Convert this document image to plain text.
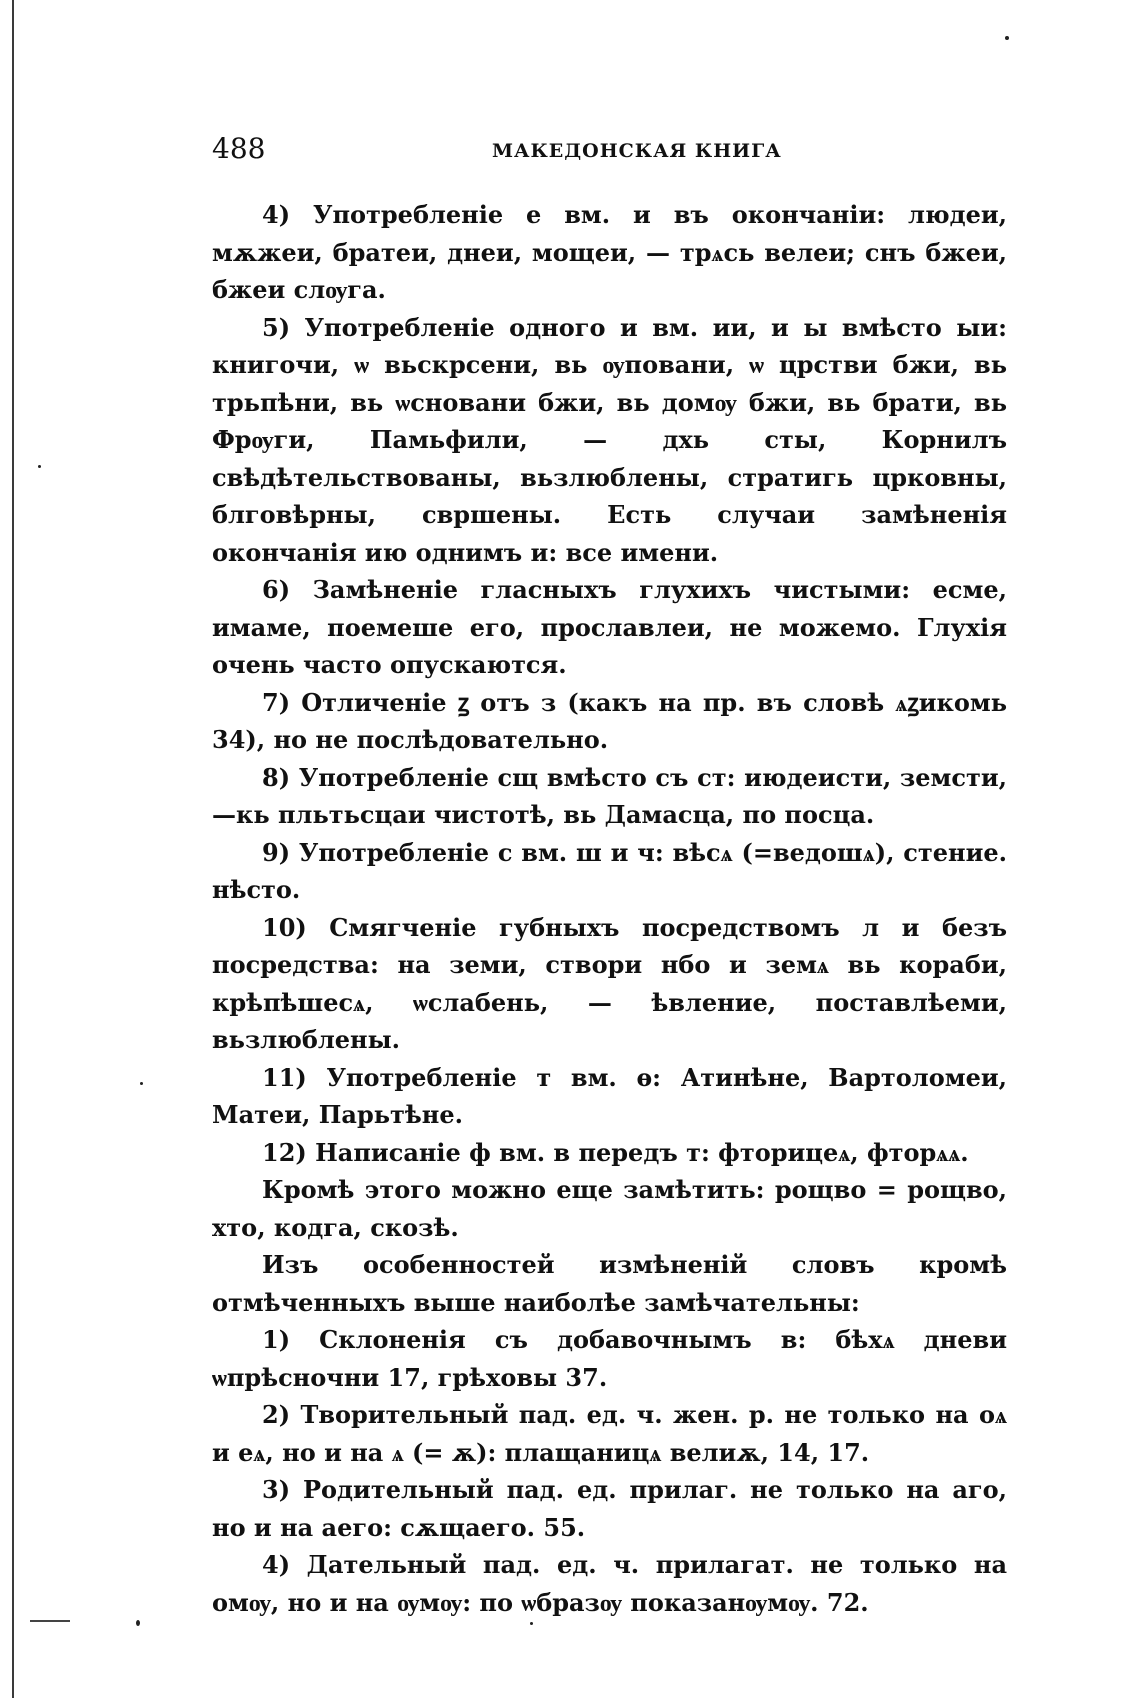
488	МАКЕДОНСКАЯ КНИГА

4) Употребленіе е вм. и въ окончаніи: людеи, мѫжеи, братеи, днеи, мощеи, — трѧсь велеи; снъ бжеи, бжеи слѹга.

5) Употребленіе одного и вм. ии, и ы вмѣсто ыи: книгочи, ѡ вьскрсени, вь ѹповани, ѡ црстви бжи, вь трьпѣни, вь ѡсновани бжи, вь домѹ бжи, вь брати, вь Фрѹги, Памьфили, — дхь сты, Корнилъ свѣдѣтельствованы, вьзлюблены, стратигь црковны, блговѣрны, свршены. Есть случаи замѣненія окончанія ию однимъ и: все имени.

6) Замѣненіе гласныхъ глухихъ чистыми: есме, имаме, поемеше его, прославлеи, не можемо. Глухія очень часто опускаются.

7) Отличеніе ꙁ отъ з (какъ на пр. въ словѣ ѧꙁикомь 34), но не послѣдовательно.

8) Употребленіе сщ вмѣсто съ ст: июдеисти, земсти,—кь пльтьсцаи чистотѣ, вь Дамасца, по посца.

9) Употребленіе с вм. ш и ч: вѣсѧ (=ведошѧ), стение. нѣсто.

10) Смягченіе губныхъ посредствомъ л и безъ посредства: на земи, створи нбо и земѧ вь кораби, крѣпѣшесѧ, ѡслабень, — ѣвление, поставлѣеми, вьзлюблены.

11) Употребленіе т вм. ѳ: Атинѣне, Вартоломеи, Матеи, Парьтѣне.

12) Написаніе ф вм. в передъ т: фторицеѧ, фторѧѧ.

Кромѣ этого можно еще замѣтить: рощво = рощво, хто, кодга, скозѣ.

Изъ особенностей измѣненій словъ кромѣ отмѣченныхъ выше наиболѣе замѣчательны:

1) Склоненія съ добавочнымъ в: бѣхѧ дневи ѡпрѣсночни 17, грѣховы 37.

2) Творительный пад. ед. ч. жен. р. не только на оѧ и еѧ, но и на ѧ (= ѫ): плащаницѧ велиѫ, 14, 17.

3) Родительный пад. ед. прилаг. не только на аго, но и на аего: сѫщаего. 55.

4) Дательный пад. ед. ч. прилагат. не только на омѹ, но и на ѹмѹ: по ѡбразѹ показанѹмѹ. 72.
